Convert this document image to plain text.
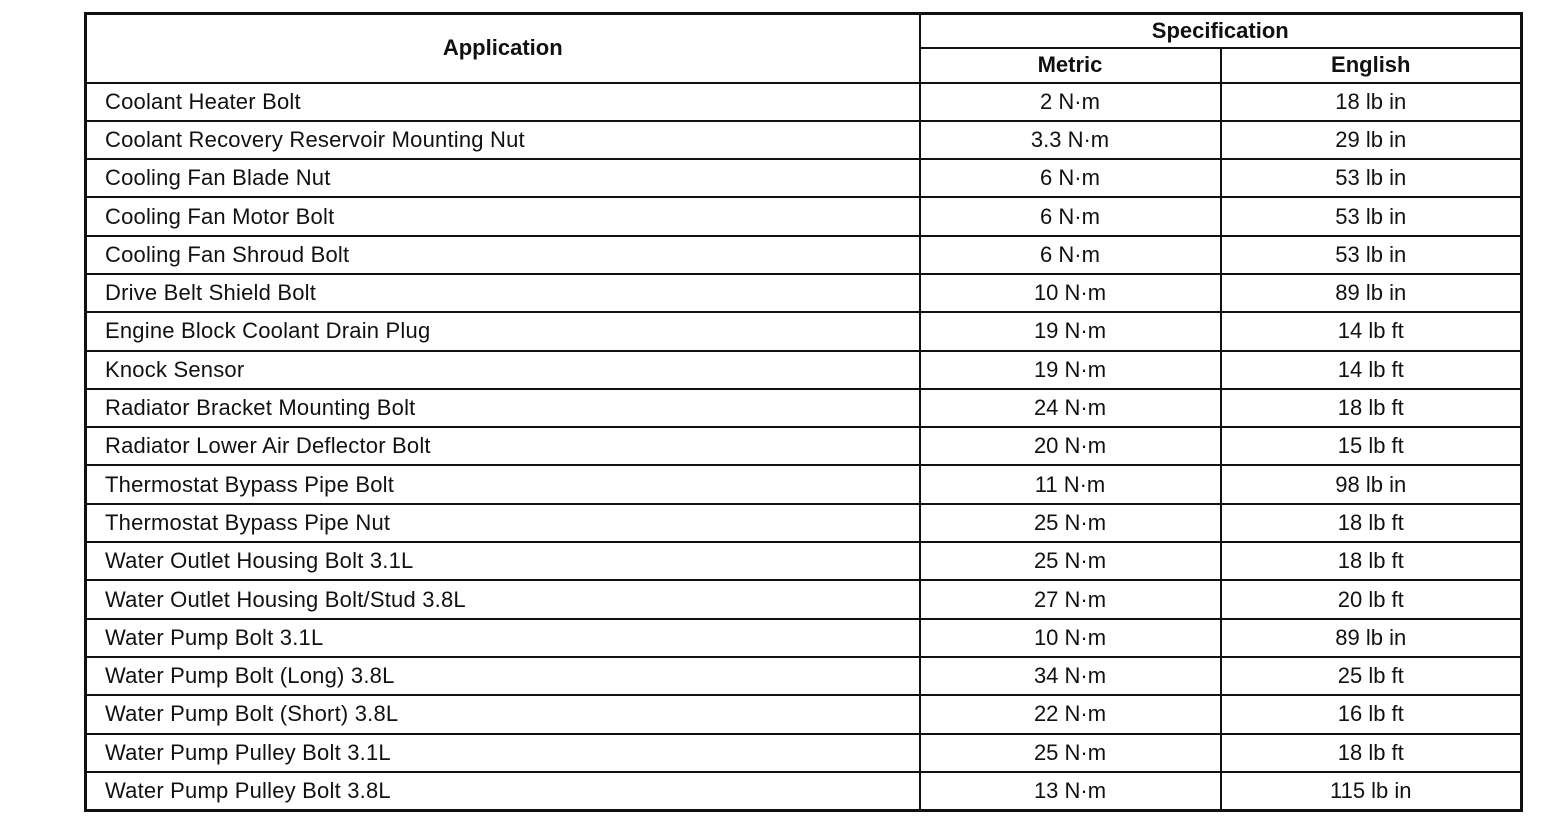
Application	Specification	
	Metric	English
Coolant Heater Bolt	2 N·m	18 lb in
Coolant Recovery Reservoir Mounting Nut	3.3 N·m	29 lb in
Cooling Fan Blade Nut	6 N·m	53 lb in
Cooling Fan Motor Bolt	6 N·m	53 lb in
Cooling Fan Shroud Bolt	6 N·m	53 lb in
Drive Belt Shield Bolt	10 N·m	89 lb in
Engine Block Coolant Drain Plug	19 N·m	14 lb ft
Knock Sensor	19 N·m	14 lb ft
Radiator Bracket Mounting Bolt	24 N·m	18 lb ft
Radiator Lower Air Deflector Bolt	20 N·m	15 lb ft
Thermostat Bypass Pipe Bolt	11 N·m	98 lb in
Thermostat Bypass Pipe Nut	25 N·m	18 lb ft
Water Outlet Housing Bolt 3.1L	25 N·m	18 lb ft
Water Outlet Housing Bolt/Stud 3.8L	27 N·m	20 lb ft
Water Pump Bolt 3.1L	10 N·m	89 lb in
Water Pump Bolt (Long) 3.8L	34 N·m	25 lb ft
Water Pump Bolt (Short) 3.8L	22 N·m	16 lb ft
Water Pump Pulley Bolt 3.1L	25 N·m	18 lb ft
Water Pump Pulley Bolt 3.8L	13 N·m	115 lb in
